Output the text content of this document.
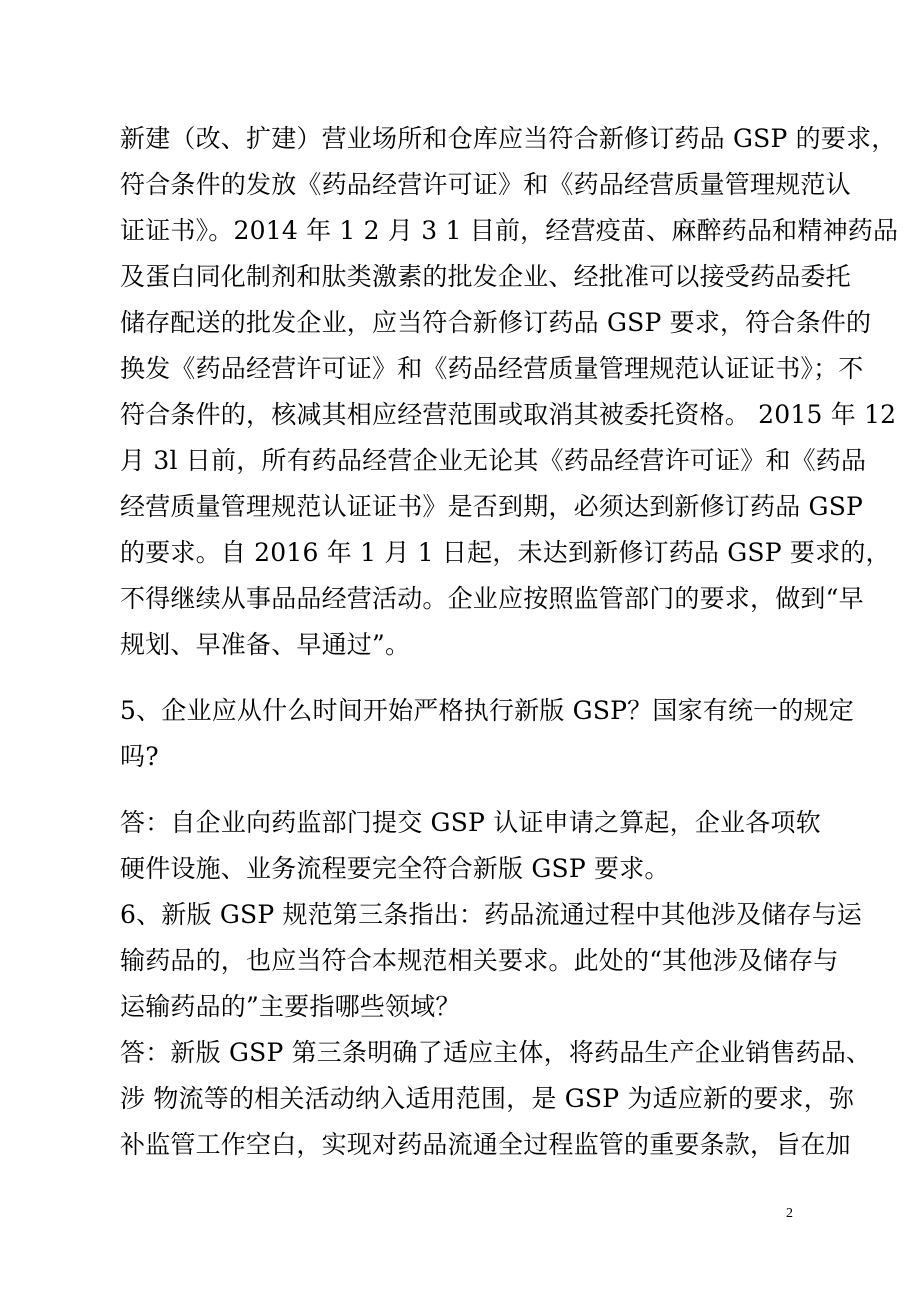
新建（改、扩建）营业场所和仓库应当符合新修订药品 GSP 的要求，
符合条件的发放《药品经营许可证》和《药品经营质量管理规范认
证证书》。2014 年 1 2 月 3 1 目前，经营疫苗、麻醉药品和精神药品
及蛋白同化制剂和肽类激素的批发企业、经批准可以接受药品委托
储存配送的批发企业，应当符合新修订药品 GSP 要求，符合条件的
换发《药品经营许可证》和《药品经营质量管理规范认证证书》；不
符合条件的，核减其相应经营范围或取消其被委托资格。 2015 年 12
月 3l 日前，所有药品经营企业无论其《药品经营许可证》和《药品
经营质量管理规范认证证书》是否到期，必须达到新修订药品 GSP
的要求。自 2016 年 1 月 1 日起，未达到新修订药品 GSP 要求的，
不得继续从事品品经营活动。企业应按照监管部门的要求，做到“早
规划、早准备、早通过”。
5、企业应从什么时间开始严格执行新版 GSP？国家有统一的规定
吗?
答：自企业向药监部门提交 GSP 认证申请之算起，企业各项软
硬件设施、业务流程要完全符合新版 GSP 要求。
6、新版 GSP 规范第三条指出：药品流通过程中其他涉及储存与运
输药品的，也应当符合本规范相关要求。此处的“其他涉及储存与
运输药品的”主要指哪些领域？
答：新版 GSP 第三条明确了适应主体，将药品生产企业销售药品、
涉 物流等的相关活动纳入适用范围，是 GSP 为适应新的要求，弥
补监管工作空白，实现对药品流通全过程监管的重要条款，旨在加
2
